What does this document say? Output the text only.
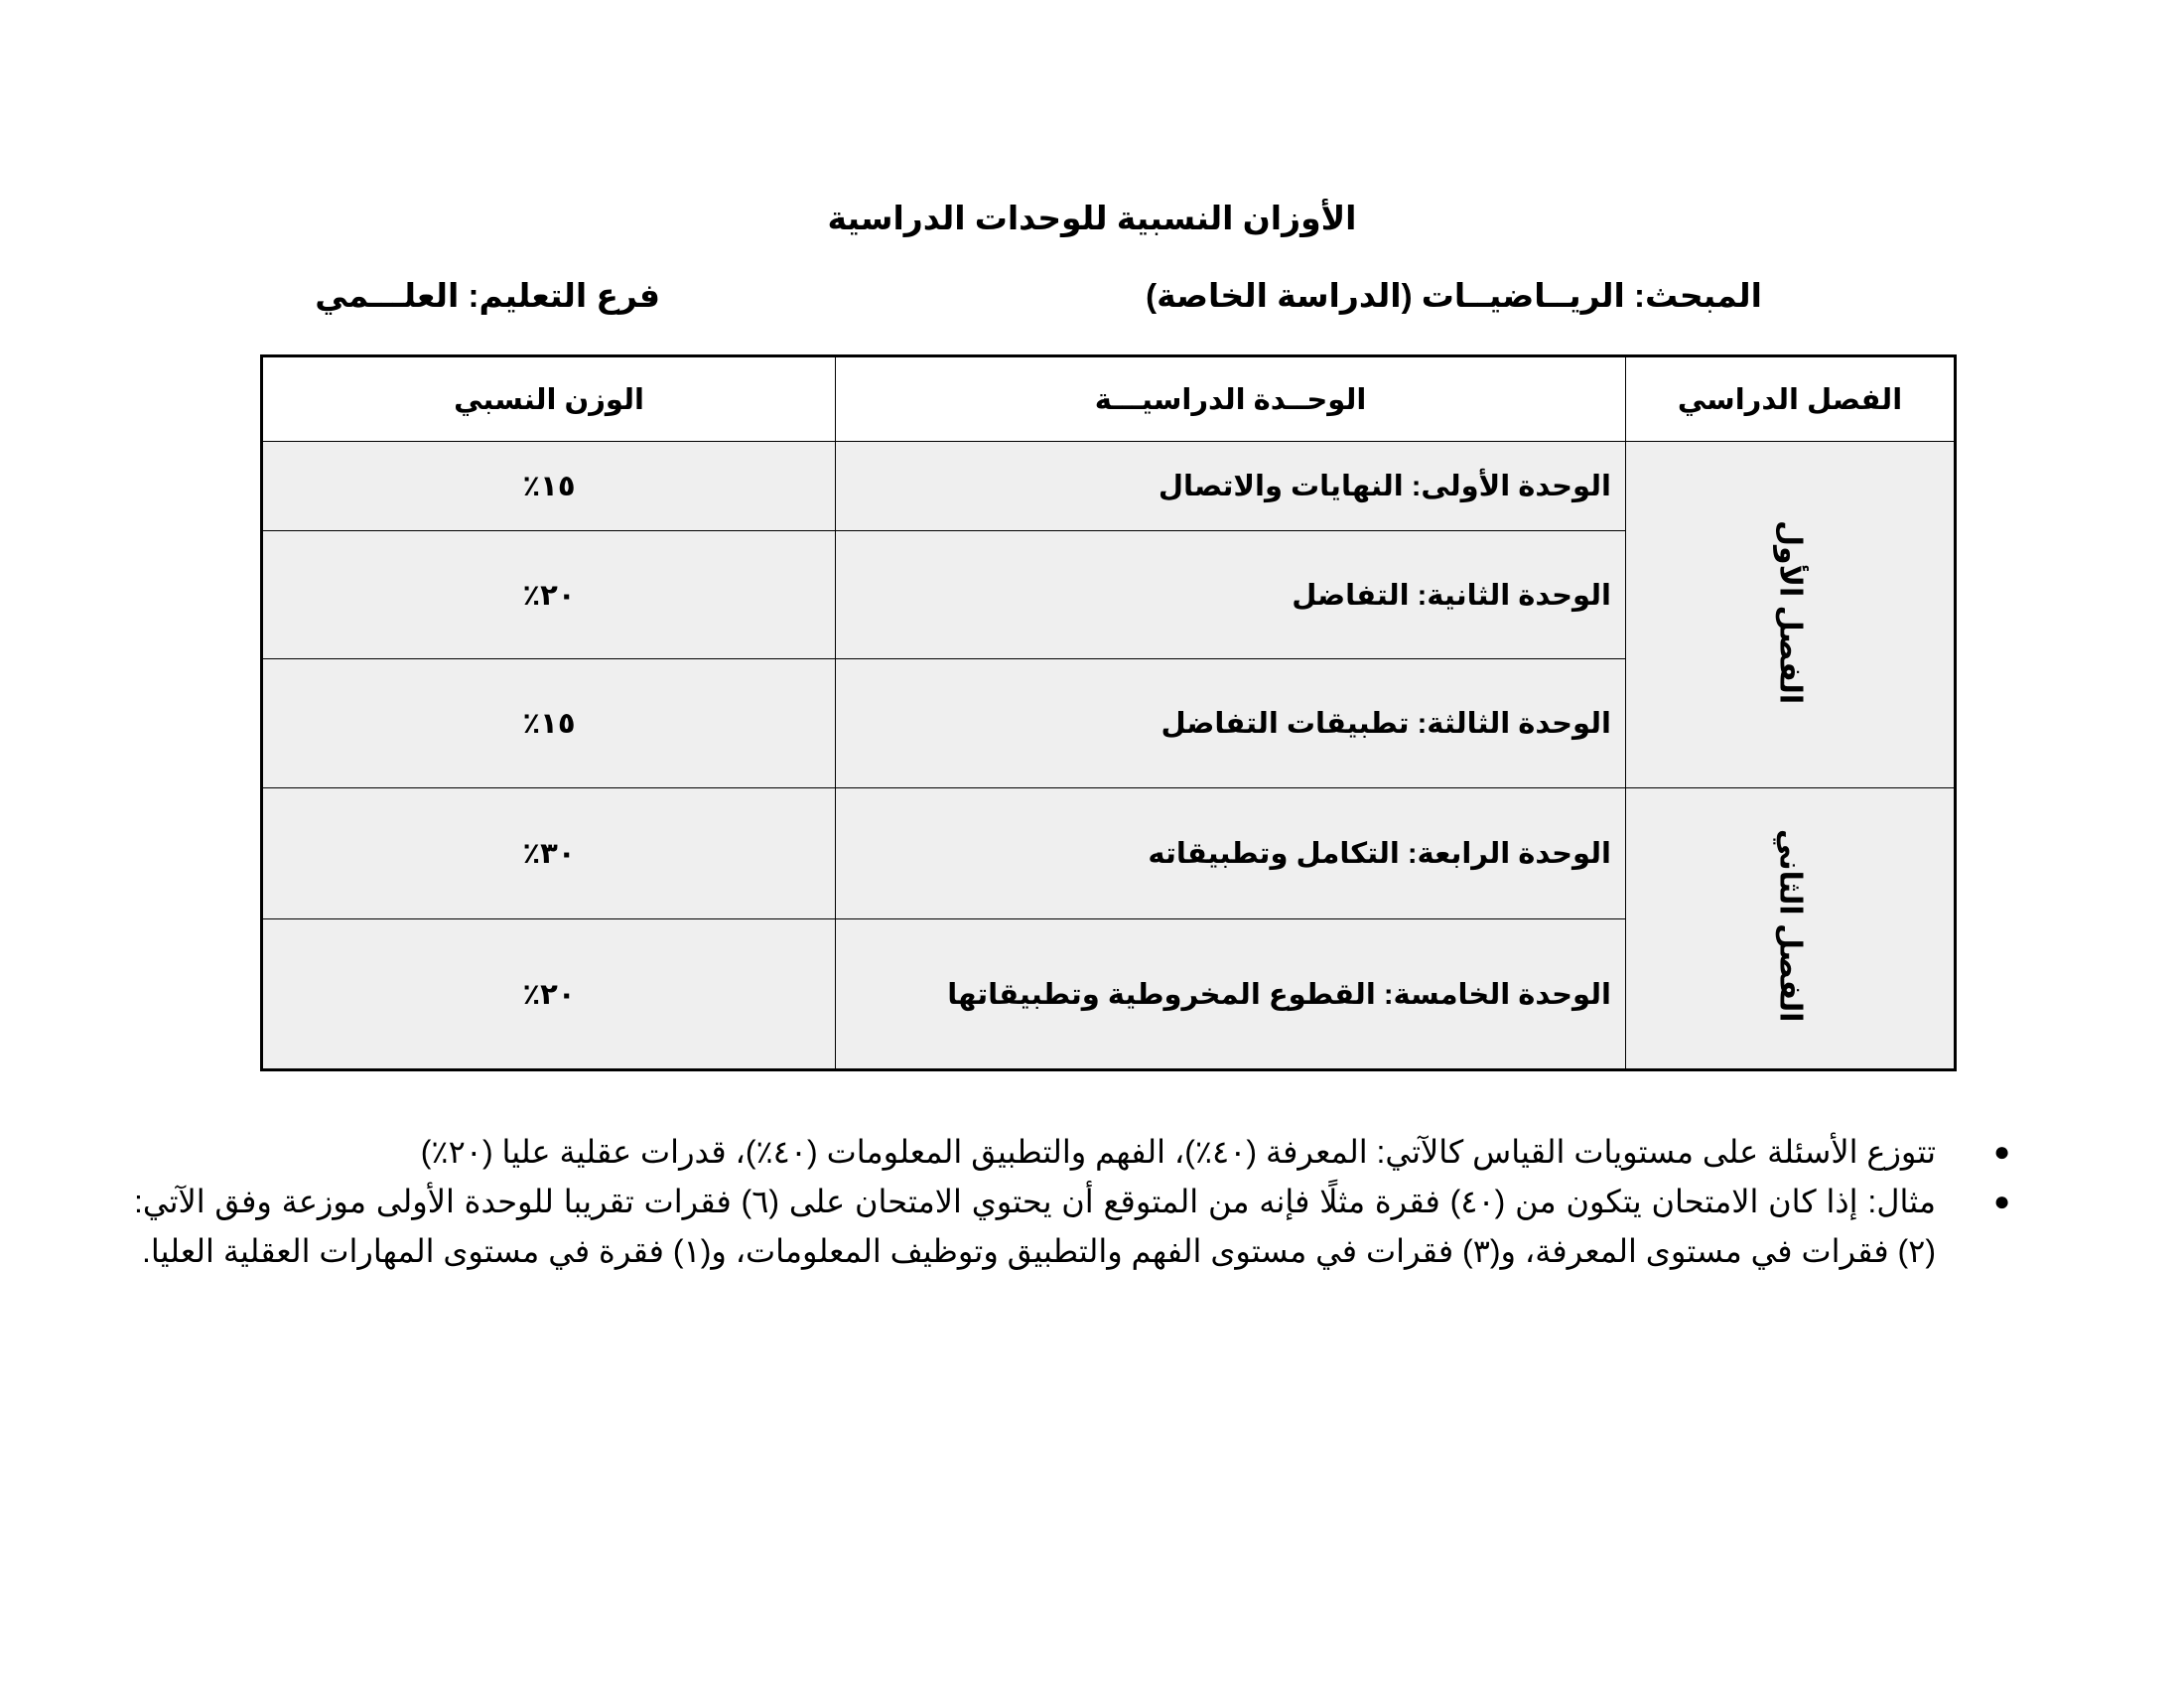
الأوزان النسبية للوحدات الدراسية
المبحث: الريــاضيــات (الدراسة الخاصة)
فرع التعليم: العلـــمي
الفصل الدراسي	الوحــدة الدراسيـــة	الوزن النسبي
الفصل الأول	الوحدة الأولى: النهايات والاتصال	١٥٪
	الوحدة الثانية: التفاضل	٢٠٪
	الوحدة الثالثة: تطبيقات التفاضل	١٥٪
الفصل الثاني	الوحدة الرابعة: التكامل وتطبيقاته	٣٠٪
	الوحدة الخامسة: القطوع المخروطية وتطبيقاتها	٢٠٪
●
تتوزع الأسئلة على مستويات القياس كالآتي: المعرفة (٤٠٪)، الفهم والتطبيق المعلومات (٤٠٪)، قدرات عقلية عليا (٢٠٪)
●
مثال: إذا كان الامتحان يتكون من (٤٠) فقرة مثلًا فإنه من المتوقع أن يحتوي الامتحان على (٦) فقرات تقريبا للوحدة الأولى موزعة وفق الآتي: (٢) فقرات في مستوى المعرفة، و(٣) فقرات في مستوى الفهم والتطبيق وتوظيف المعلومات، و(١) فقرة في مستوى المهارات العقلية العليا.
